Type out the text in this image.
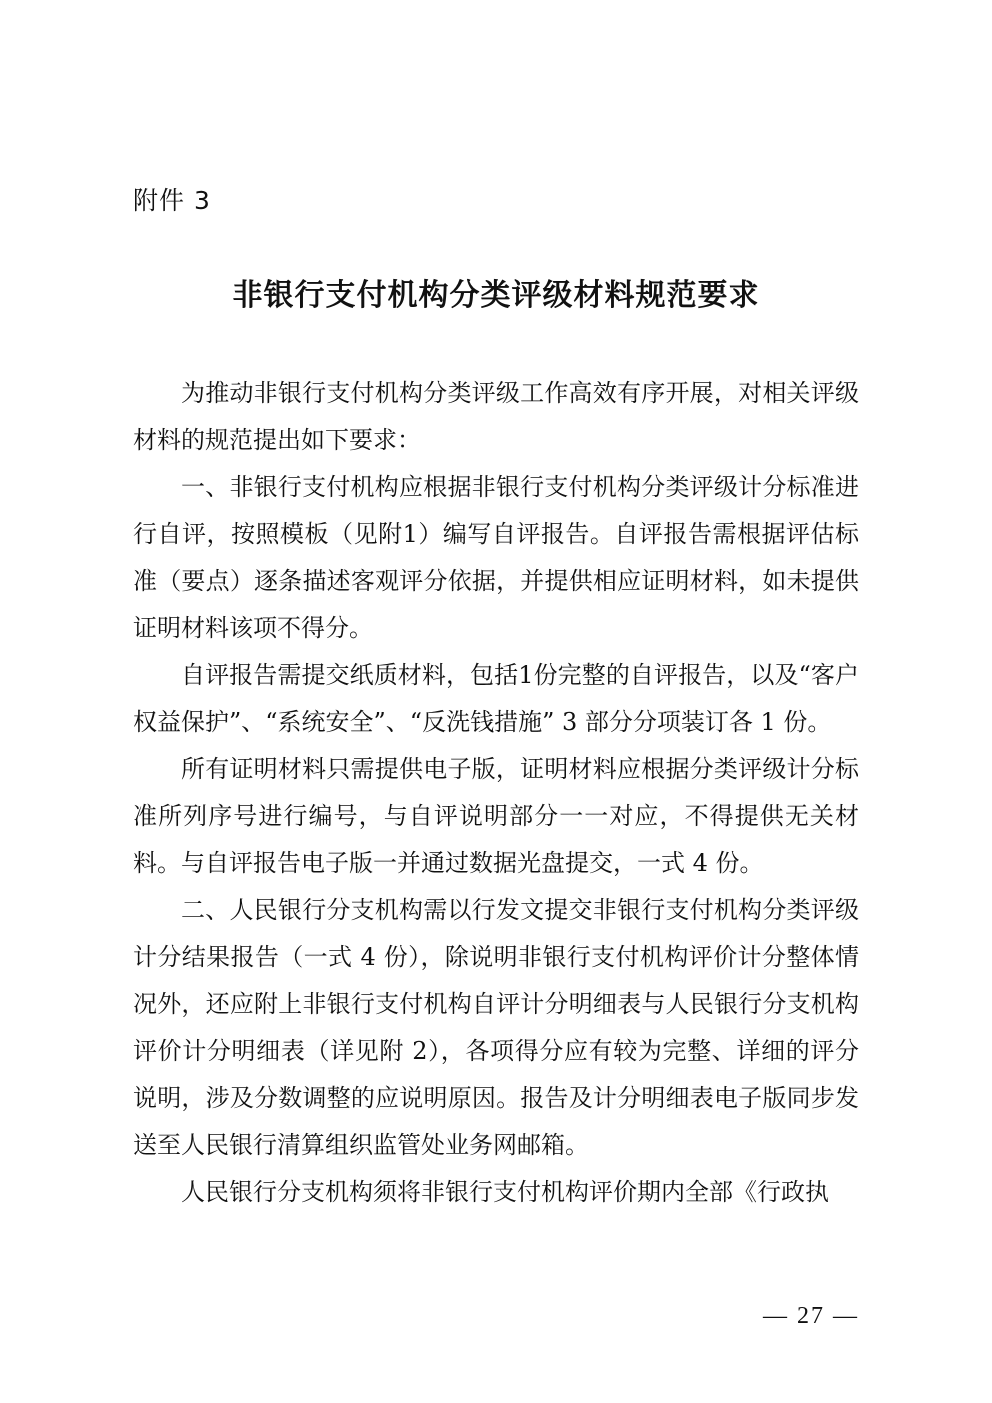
附件 3
非银行支付机构分类评级材料规范要求

为推动非银行支付机构分类评级工作高效有序开展，对相关评级材料的规范提出如下要求：

一、非银行支付机构应根据非银行支付机构分类评级计分标准进行自评，按照模板（见附1）编写自评报告。自评报告需根据评估标准（要点）逐条描述客观评分依据，并提供相应证明材料，如未提供证明材料该项不得分。

自评报告需提交纸质材料，包括1份完整的自评报告，以及“客户权益保护”、“系统安全”、“反洗钱措施” 3 部分分项装订各 1 份。

所有证明材料只需提供电子版，证明材料应根据分类评级计分标准所列序号进行编号，与自评说明部分一一对应，不得提供无关材料。与自评报告电子版一并通过数据光盘提交，一式 4 份。

二、人民银行分支机构需以行发文提交非银行支付机构分类评级计分结果报告（一式 4 份），除说明非银行支付机构评价计分整体情况外，还应附上非银行支付机构自评计分明细表与人民银行分支机构评价计分明细表（详见附 2），各项得分应有较为完整、详细的评分说明，涉及分数调整的应说明原因。报告及计分明细表电子版同步发送至人民银行清算组织监管处业务网邮箱。

人民银行分支机构须将非银行支付机构评价期内全部《行政执

— 27 —
